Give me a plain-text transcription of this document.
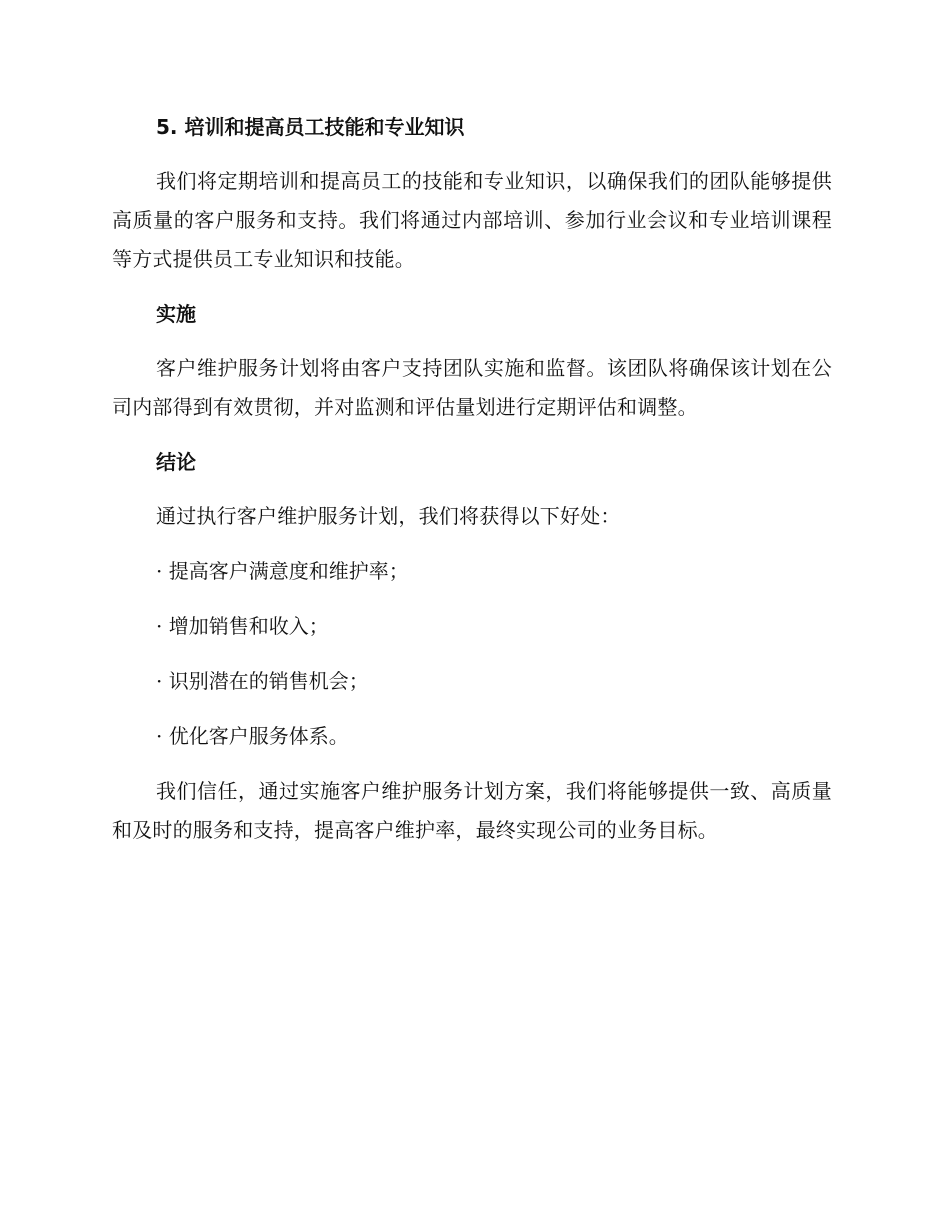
5. 培训和提高员工技能和专业知识

我们将定期培训和提高员工的技能和专业知识，以确保我们的团队能够提供高质量的客户服务和支持。我们将通过内部培训、参加行业会议和专业培训课程等方式提供员工专业知识和技能。

实施

客户维护服务计划将由客户支持团队实施和监督。该团队将确保该计划在公司内部得到有效贯彻，并对监测和评估量划进行定期评估和调整。

结论

通过执行客户维护服务计划，我们将获得以下好处：

· 提高客户满意度和维护率；
· 增加销售和收入；
· 识别潜在的销售机会；
· 优化客户服务体系。

我们信任，通过实施客户维护服务计划方案，我们将能够提供一致、高质量和及时的服务和支持，提高客户维护率，最终实现公司的业务目标。
